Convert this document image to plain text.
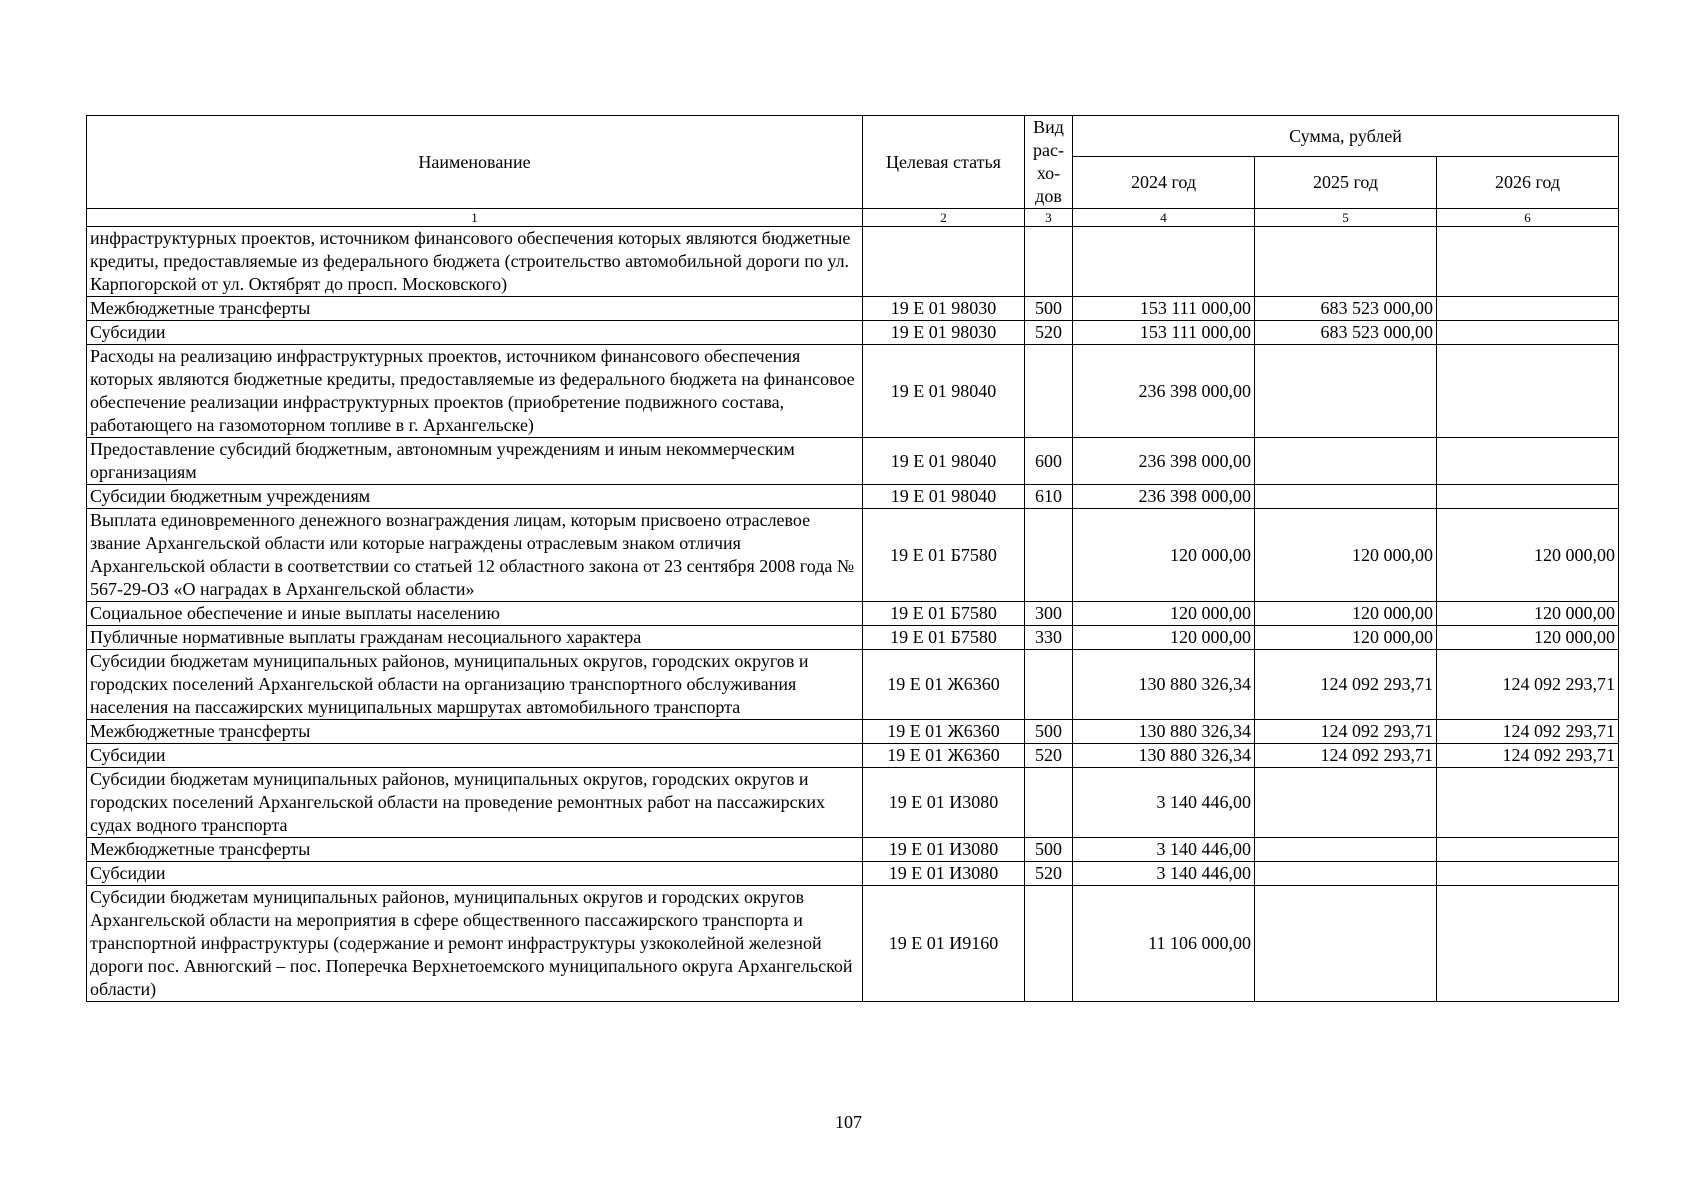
Наименование	Целевая статья	Вид рас-хо-дов	Сумма, рублей		
			2024 год	2025 год	2026 год
1	2	3	4	5	6
инфраструктурных проектов, источником финансового обеспечения которых являются бюджетные кредиты, предоставляемые из федерального бюджета (строительство автомобильной дороги по ул. Карпогорской от ул. Октябрят до просп. Московского)					
Межбюджетные трансферты	19 Е 01 98030	500	153 111 000,00	683 523 000,00	
Субсидии	19 Е 01 98030	520	153 111 000,00	683 523 000,00	
Расходы на реализацию инфраструктурных проектов, источником финансового обеспечения которых являются бюджетные кредиты, предоставляемые из федерального бюджета на финансовое обеспечение реализации инфраструктурных проектов (приобретение подвижного состава, работающего на газомоторном топливе в г. Архангельске)	19 Е 01 98040		236 398 000,00		
Предоставление субсидий бюджетным, автономным учреждениям и иным некоммерческим организациям	19 Е 01 98040	600	236 398 000,00		
Субсидии бюджетным учреждениям	19 Е 01 98040	610	236 398 000,00		
Выплата единовременного денежного вознаграждения лицам, которым присвоено отраслевое звание Архангельской области или которые награждены отраслевым знаком отличия Архангельской области в соответствии со статьей 12 областного закона от 23 сентября 2008 года № 567-29-ОЗ «О наградах в Архангельской области»	19 Е 01 Б7580		120 000,00	120 000,00	120 000,00
Социальное обеспечение и иные выплаты населению	19 Е 01 Б7580	300	120 000,00	120 000,00	120 000,00
Публичные нормативные выплаты гражданам несоциального характера	19 Е 01 Б7580	330	120 000,00	120 000,00	120 000,00
Субсидии бюджетам муниципальных районов, муниципальных округов, городских округов и городских поселений Архангельской области на организацию транспортного обслуживания населения на пассажирских муниципальных маршрутах автомобильного транспорта	19 Е 01 Ж6360		130 880 326,34	124 092 293,71	124 092 293,71
Межбюджетные трансферты	19 Е 01 Ж6360	500	130 880 326,34	124 092 293,71	124 092 293,71
Субсидии	19 Е 01 Ж6360	520	130 880 326,34	124 092 293,71	124 092 293,71
Субсидии бюджетам муниципальных районов, муниципальных округов, городских округов и городских поселений Архангельской области на проведение ремонтных работ на пассажирских судах водного транспорта	19 Е 01 И3080		3 140 446,00		
Межбюджетные трансферты	19 Е 01 И3080	500	3 140 446,00		
Субсидии	19 Е 01 И3080	520	3 140 446,00		
Субсидии бюджетам муниципальных районов, муниципальных округов и городских округов Архангельской области на мероприятия в сфере общественного пассажирского транспорта и транспортной инфраструктуры (содержание и ремонт инфраструктуры узкоколейной железной дороги пос. Авнюгский – пос. Поперечка Верхнетоемского муниципального округа Архангельской области)	19 Е 01 И9160		11 106 000,00		
107
